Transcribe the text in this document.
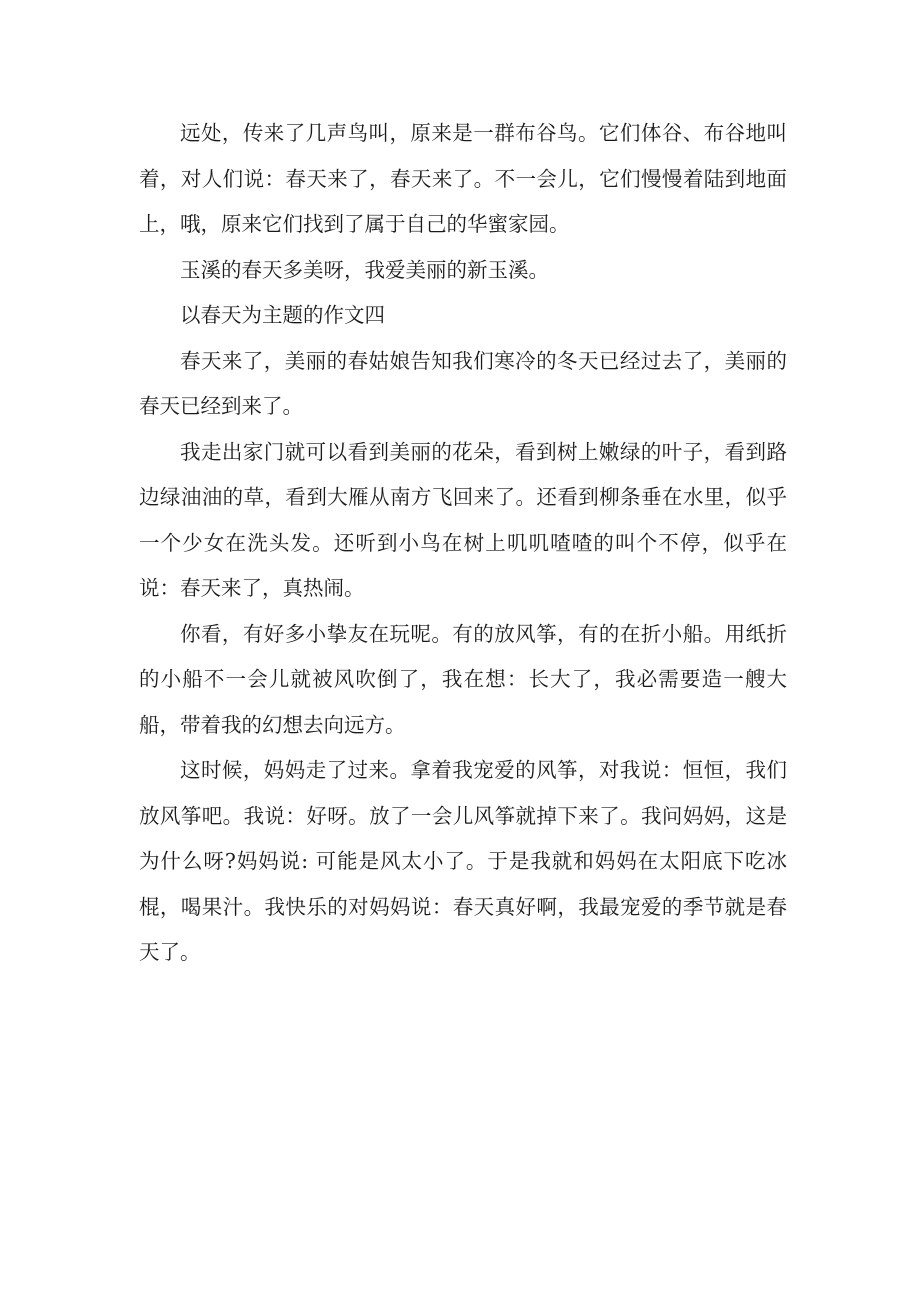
远处，传来了几声鸟叫，原来是一群布谷鸟。它们体谷、布谷地叫着，对人们说：春天来了，春天来了。不一会儿，它们慢慢着陆到地面上，哦，原来它们找到了属于自己的华蜜家园。

玉溪的春天多美呀，我爱美丽的新玉溪。

以春天为主题的作文四

春天来了，美丽的春姑娘告知我们寒冷的冬天已经过去了，美丽的春天已经到来了。

我走出家门就可以看到美丽的花朵，看到树上嫩绿的叶子，看到路边绿油油的草，看到大雁从南方飞回来了。还看到柳条垂在水里，似乎一个少女在洗头发。还听到小鸟在树上叽叽喳喳的叫个不停，似乎在说：春天来了，真热闹。

你看，有好多小挚友在玩呢。有的放风筝，有的在折小船。用纸折的小船不一会儿就被风吹倒了，我在想：长大了，我必需要造一艘大船，带着我的幻想去向远方。

这时候，妈妈走了过来。拿着我宠爱的风筝，对我说：恒恒，我们放风筝吧。我说：好呀。放了一会儿风筝就掉下来了。我问妈妈，这是为什么呀?妈妈说: 可能是风太小了。于是我就和妈妈在太阳底下吃冰棍，喝果汁。我快乐的对妈妈说：春天真好啊，我最宠爱的季节就是春天了。
